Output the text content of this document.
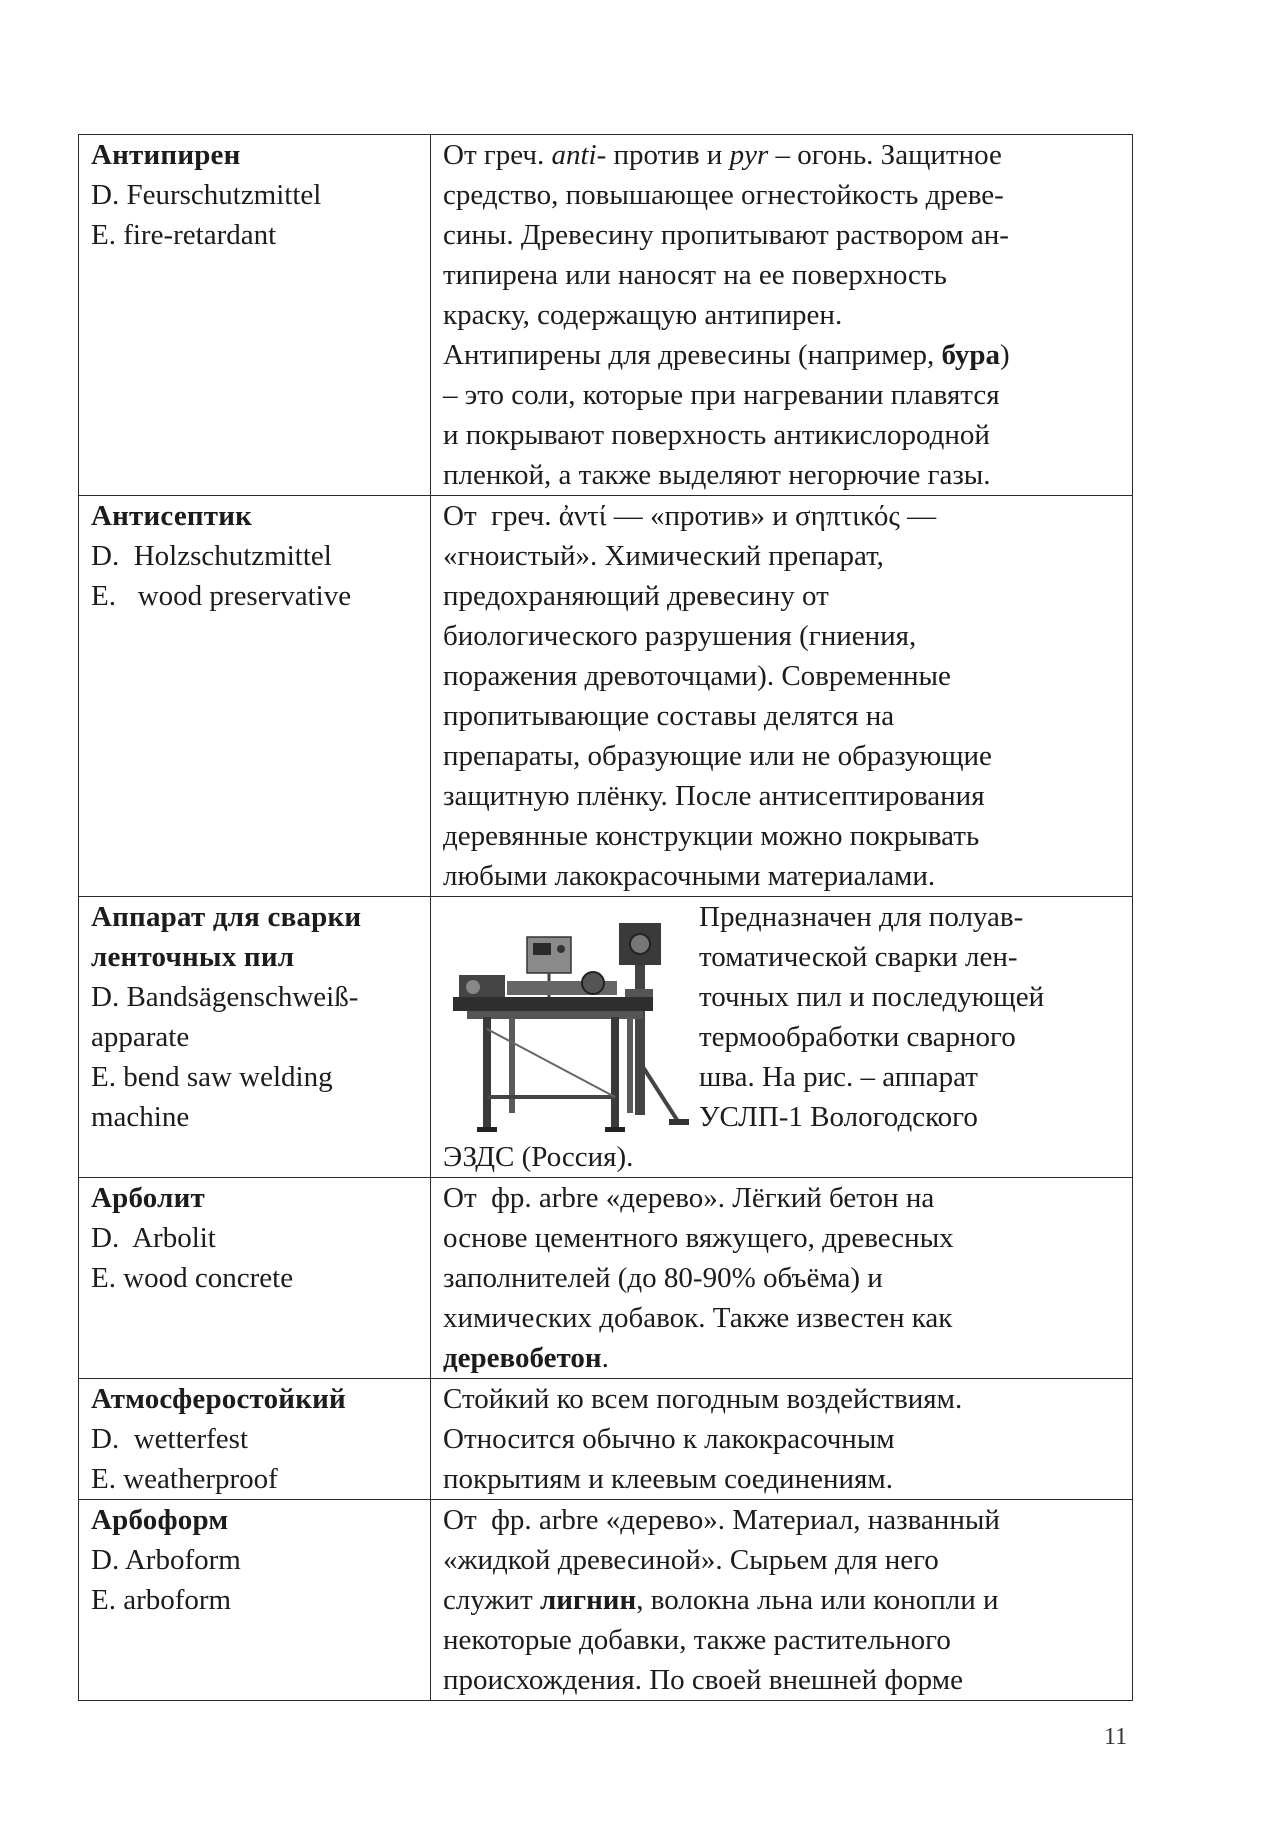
Антипирен
D. Feurschutzmittel
E. fire-retardant
От греч. anti- против и pyr – огонь. Защитное
средство, повышающее огнестойкость древе-
сины. Древесину пропитывают раствором ан-
типирена или наносят на ее поверхность
краску, содержащую антипирен.
Антипирены для древесины (например, бура)
– это соли, которые при нагревании плавятся
и покрывают поверхность антикислородной
пленкой, а также выделяют негорючие газы.
Антисептик
D.  Holzschutzmittel
E.   wood preservative
От  греч. ἀντί — «против» и σηπτικός —
«гноистый». Химический препарат,
предохраняющий древесину от
биологического разрушения (гниения,
поражения древоточцами). Современные
пропитывающие составы делятся на
препараты, образующие или не образующие
защитную плёнку. После антисептирования
деревянные конструкции можно покрывать
любыми лакокрасочными материалами.
Аппарат для сварки
ленточных пил
D. Bandsägenschweiß-
apparate
E. bend saw welding
machine
Предназначен для полуав-
томатической сварки лен-
точных пил и последующей
термообработки сварного
шва. На рис. – аппарат
УСЛП-1 Вологодского
ЭЗДС (Россия).
Арболит
D.  Arbolit
E. wood concrete
От  фр. arbre «дерево». Лёгкий бетон на
основе цементного вяжущего, древесных
заполнителей (до 80-90% объёма) и
химических добавок. Также известен как
деревобетон.
Атмосферостойкий
D.  wetterfest
E. weatherproof
Стойкий ко всем погодным воздействиям.
Относится обычно к лакокрасочным
покрытиям и клеевым соединениям.
Арбоформ
D. Arboform
E. arboform
От  фр. arbre «дерево». Материал, названный
«жидкой древесиной». Сырьем для него
служит лигнин, волокна льна или конопли и
некоторые добавки, также растительного
происхождения. По своей внешней форме
11
